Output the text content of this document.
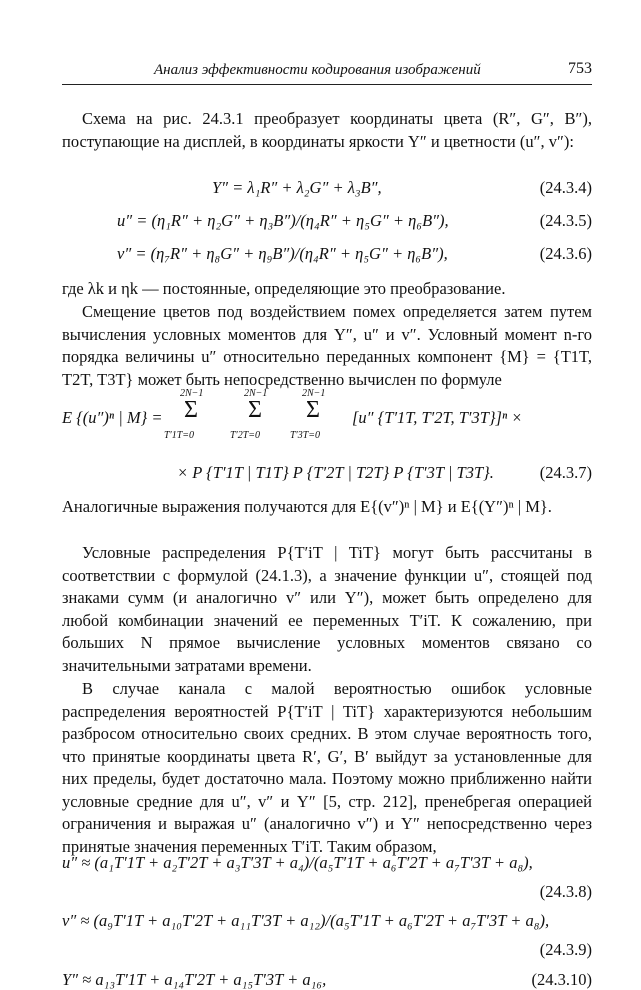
Анализ эффективности кодирования изображений	753
Схема на рис. 24.3.1 преобразует координаты цвета (R″, G″, B″), поступающие на дисплей, в координаты яркости Y″ и цветности (u″, v″):
Y″ = λ₁R″ + λ₂G″ + λ₃B″,	(24.3.4)
u″ = (η₁R″ + η₂G″ + η₃B″)/(η₄R″ + η₅G″ + η₆B″),	(24.3.5)
v″ = (η₇R″ + η₈G″ + η₉B″)/(η₄R″ + η₅G″ + η₆B″),	(24.3.6)
где λk и ηk — постоянные, определяющие это преобразование.
Смещение цветов под воздействием помех определяется затем путем вычисления условных моментов для Y″, u″ и v″. Условный момент n-го порядка величины u″ относительно переданных компонент {M} = {T1T, T2T, T3T} может быть непосредственно вычислен по формуле
E {(u″)ⁿ | M} =
2N−1
Σ
T′1T=0
2N−1
Σ
T′2T=0
2N−1
Σ
T′3T=0
[u″ {T′1T, T′2T, T′3T}]ⁿ ×
× P {T′1T | T1T} P {T′2T | T2T} P {T′3T | T3T}.	(24.3.7)
Аналогичные выражения получаются для E{(v″)ⁿ | M} и E{(Y″)ⁿ | M}.
Условные распределения P{T′iT | TiT} могут быть рассчитаны в соответствии с формулой (24.1.3), а значение функции u″, стоящей под знаками сумм (и аналогично v″ или Y″), может быть определено для любой комбинации значений ее переменных T′iT. К сожалению, при больших N прямое вычисление условных моментов связано со значительными затратами времени.
В случае канала с малой вероятностью ошибок условные распределения вероятностей P{T′iT | TiT} характеризуются небольшим разбросом относительно своих средних. В этом случае вероятность того, что принятые координаты цвета R′, G′, B′ выйдут за установленные для них пределы, будет достаточно мала. Поэтому можно приближенно найти условные средние для u″, v″ и Y″ [5, стр. 212], пренебрегая операцией ограничения и выражая u″ (аналогично v″) и Y″ непосредственно через принятые значения переменных T′iT. Таким образом,
u″ ≈ (a₁T′1T + a₂T′2T + a₃T′3T + a₄)/(a₅T′1T + a₆T′2T + a₇T′3T + a₈),
(24.3.8)
v″ ≈ (a₉T′1T + a₁₀T′2T + a₁₁T′3T + a₁₂)/(a₅T′1T + a₆T′2T + a₇T′3T + a₈),
(24.3.9)
Y″ ≈ a₁₃T′1T + a₁₄T′2T + a₁₅T′3T + a₁₆,	(24.3.10)
